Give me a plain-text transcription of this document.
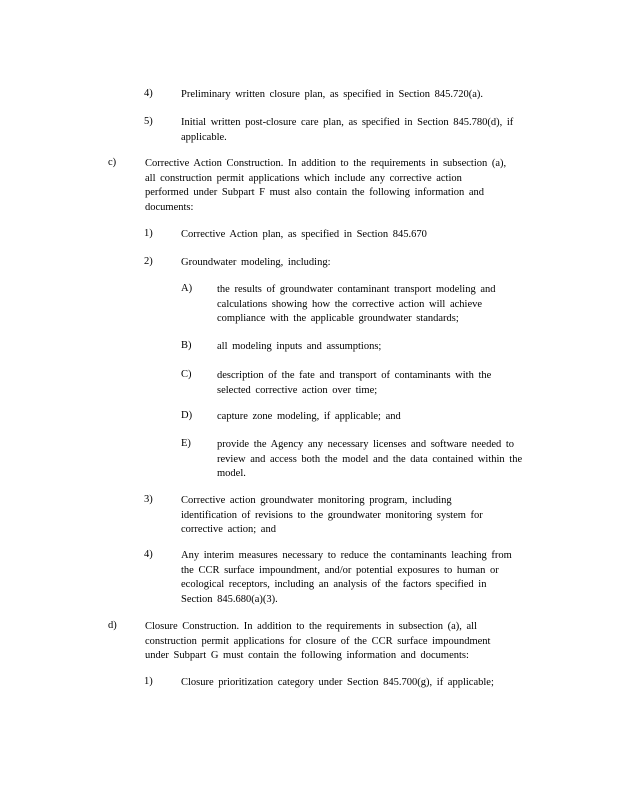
4)	Preliminary written closure plan, as specified in Section 845.720(a).
5)	Initial written post-closure care plan, as specified in Section 845.780(d), if
applicable.
c)	Corrective Action Construction. In addition to the requirements in subsection (a),
all construction permit applications which include any corrective action
performed under Subpart F must also contain the following information and
documents:
1)	Corrective Action plan, as specified in Section 845.670
2)	Groundwater modeling, including:
A) the results of groundwater contaminant transport modeling and
calculations showing how the corrective action will achieve
compliance with the applicable groundwater standards;
B) all modeling inputs and assumptions;
C) description of the fate and transport of contaminants with the
selected corrective action over time;
D) capture zone modeling, if applicable; and
E) provide the Agency any necessary licenses and software needed to
review and access both the model and the data contained within the
model.
3)	Corrective action groundwater monitoring program, including
identification of revisions to the groundwater monitoring system for
corrective action; and
4)	Any interim measures necessary to reduce the contaminants leaching from
the CCR surface impoundment, and/or potential exposures to human or
ecological receptors, including an analysis of the factors specified in
Section 845.680(a)(3).
d)	Closure Construction. In addition to the requirements in subsection (a), all
construction permit applications for closure of the CCR surface impoundment
under Subpart G must contain the following information and documents:
1)	Closure prioritization category under Section 845.700(g), if applicable;
